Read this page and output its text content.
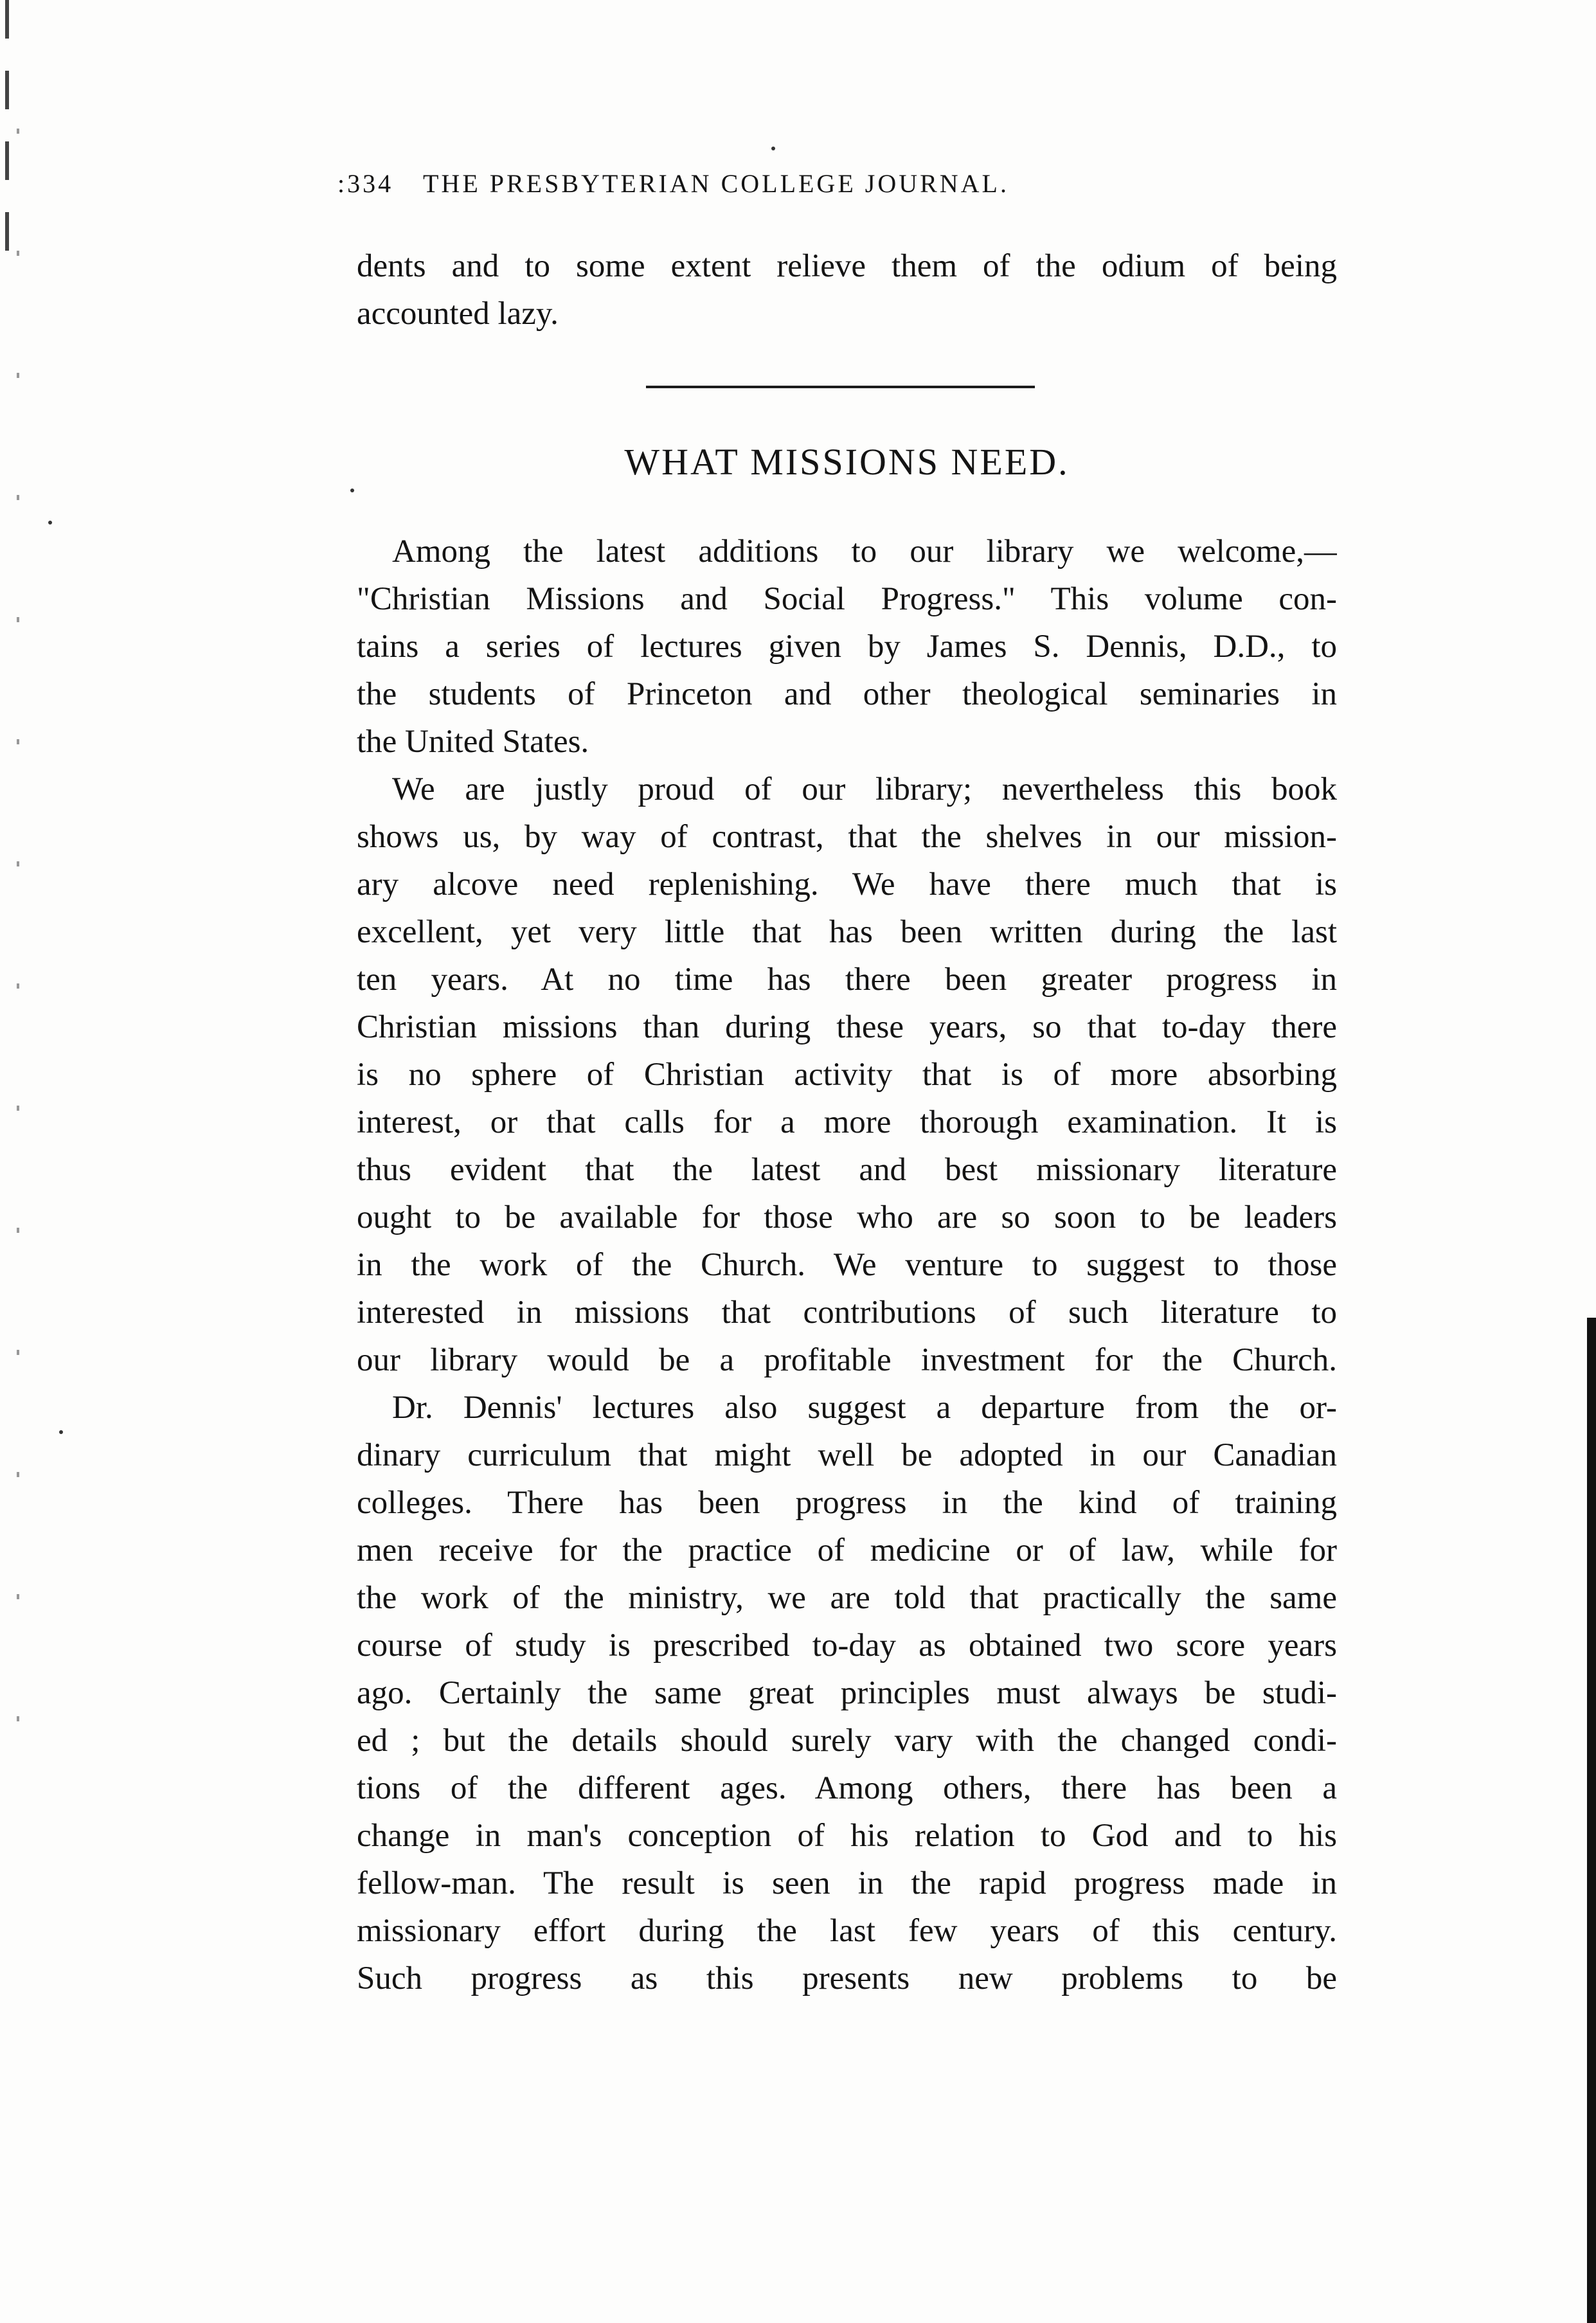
:334	THE PRESBYTERIAN COLLEGE JOURNAL.
dents and to some extent relieve them of the odium of being
accounted lazy.
WHAT MISSIONS NEED.
Among the latest additions to our library we welcome,—
"Christian Missions and Social Progress." This volume con-
tains a series of lectures given by James S. Dennis, D.D., to
the students of Princeton and other theological seminaries in
the United States.
We are justly proud of our library; nevertheless this book
shows us, by way of contrast, that the shelves in our mission-
ary alcove need replenishing. We have there much that is
excellent, yet very little that has been written during the last
ten years. At no time has there been greater progress in
Christian missions than during these years, so that to-day there
is no sphere of Christian activity that is of more absorbing
interest, or that calls for a more thorough examination. It is
thus evident that the latest and best missionary literature
ought to be available for those who are so soon to be leaders
in the work of the Church. We venture to suggest to those
interested in missions that contributions of such literature to
our library would be a profitable investment for the Church.
Dr. Dennis' lectures also suggest a departure from the or-
dinary curriculum that might well be adopted in our Canadian
colleges. There has been progress in the kind of training
men receive for the practice of medicine or of law, while for
the work of the ministry, we are told that practically the same
course of study is prescribed to-day as obtained two score years
ago. Certainly the same great principles must always be studi-
ed ; but the details should surely vary with the changed condi-
tions of the different ages. Among others, there has been a
change in man's conception of his relation to God and to his
fellow-man. The result is seen in the rapid progress made in
missionary effort during the last few years of this century.
Such progress as this presents new problems to be
